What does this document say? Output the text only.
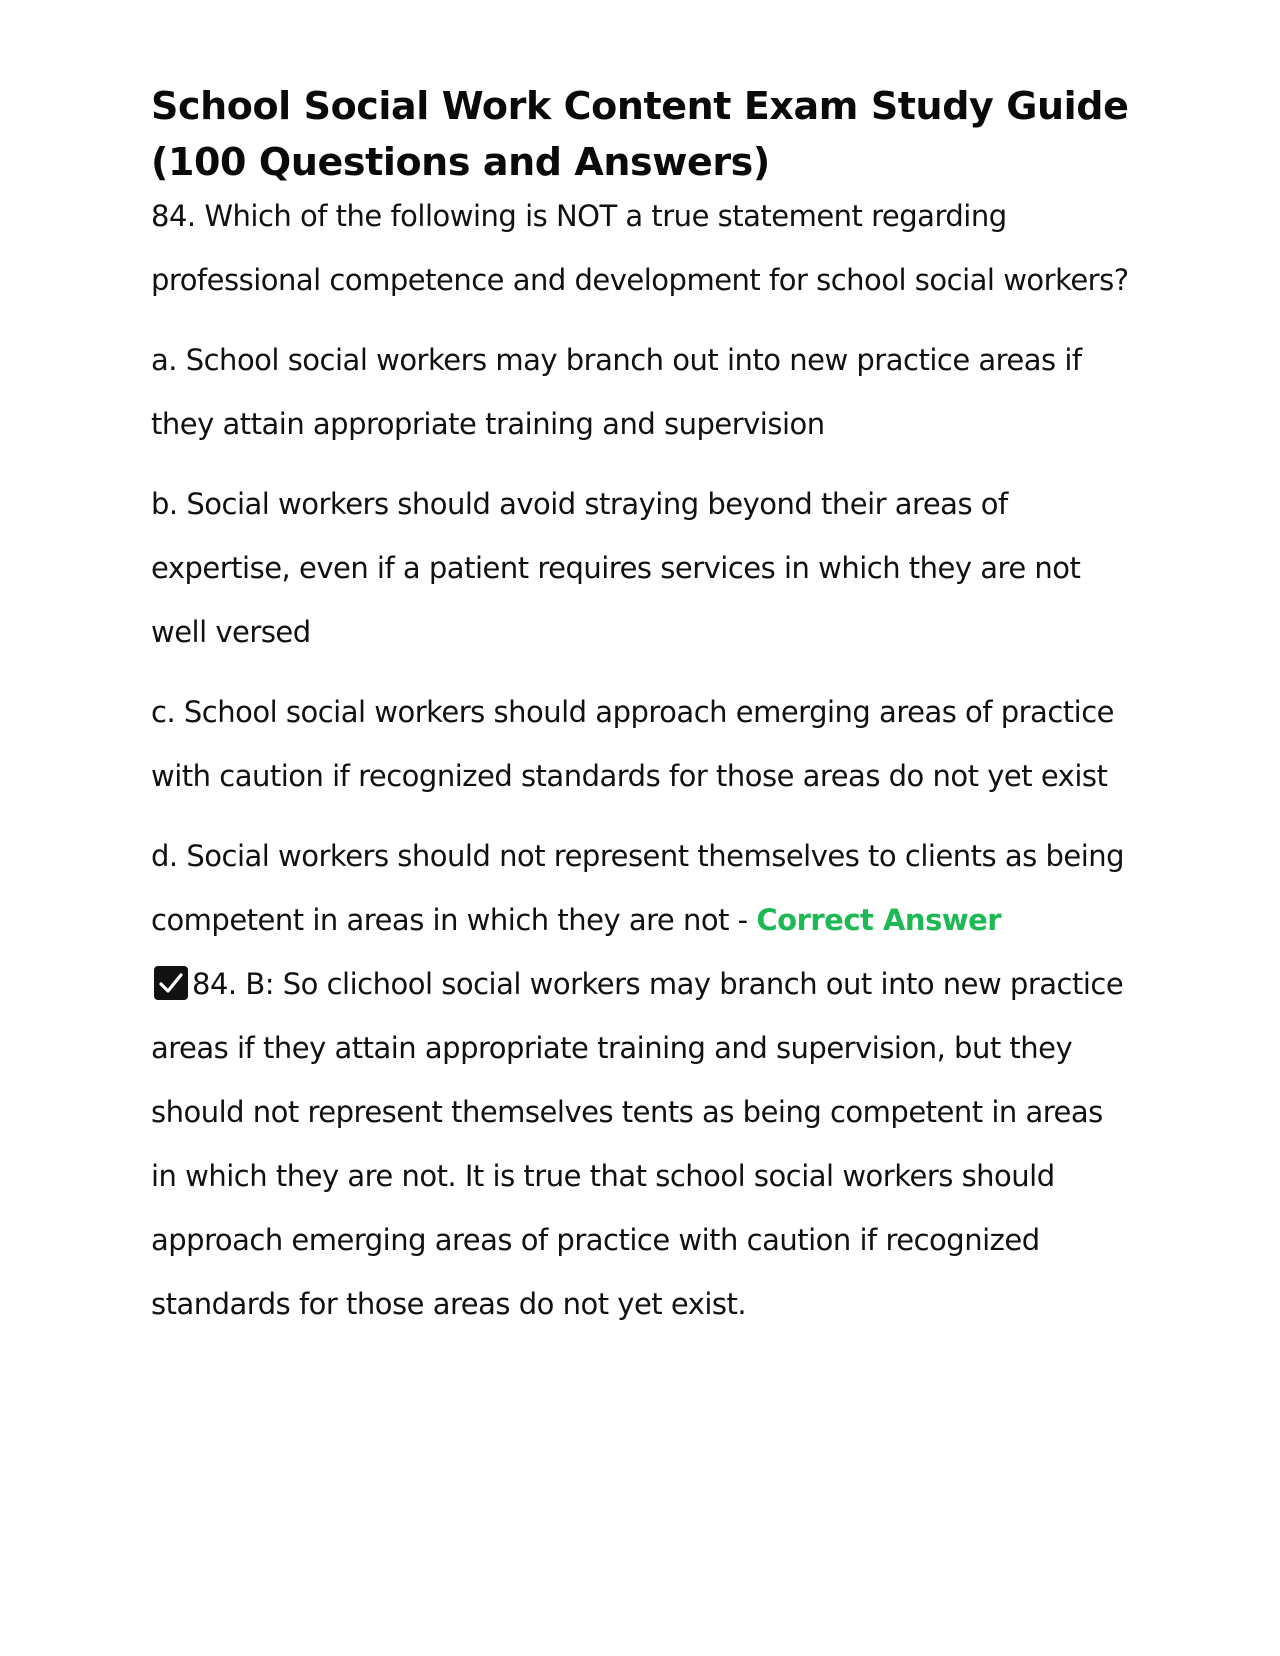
School Social Work Content Exam Study Guide (100 Questions and Answers)

84. Which of the following is NOT a true statement regarding professional competence and development for school social workers?

a. School social workers may branch out into new practice areas if they attain appropriate training and supervision

b. Social workers should avoid straying beyond their areas of expertise, even if a patient requires services in which they are not well versed

c. School social workers should approach emerging areas of practice with caution if recognized standards for those areas do not yet exist

d. Social workers should not represent themselves to clients as being competent in areas in which they are not - Correct Answer

84. B: So clichool social workers may branch out into new practice areas if they attain appropriate training and supervision, but they should not represent themselves tents as being competent in areas in which they are not. It is true that school social workers should approach emerging areas of practice with caution if recognized standards for those areas do not yet exist.
